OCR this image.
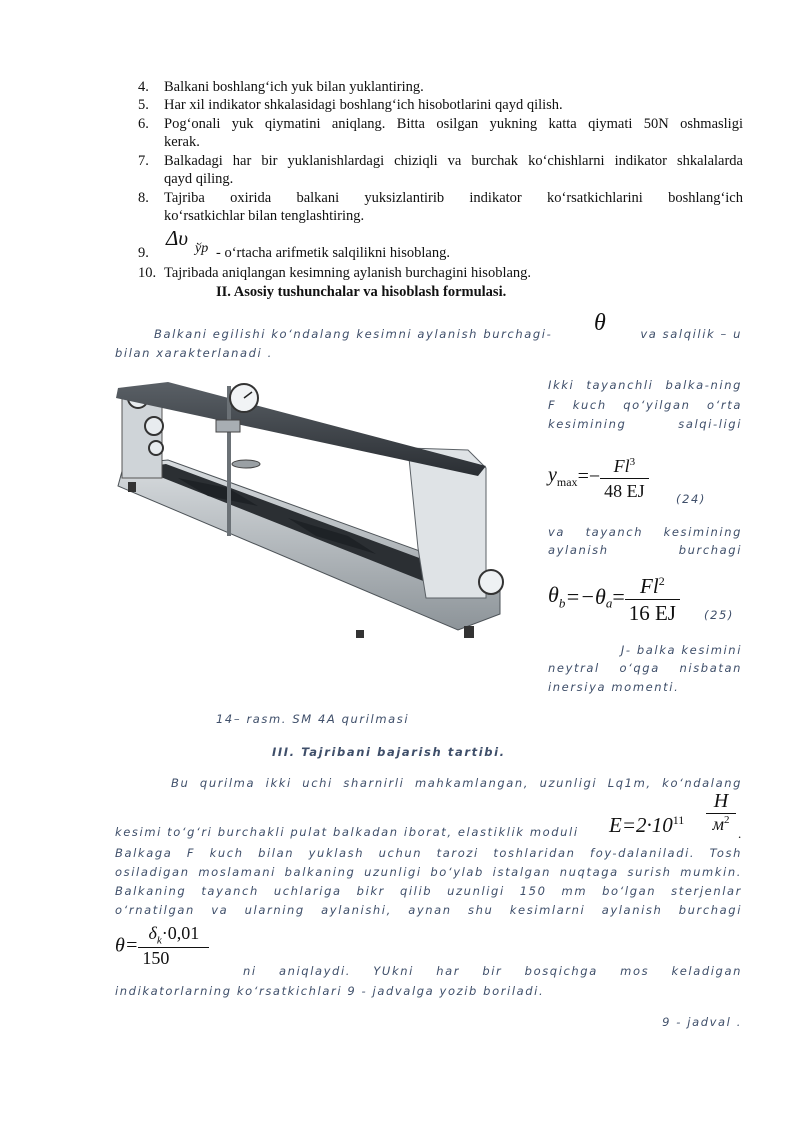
4.	Balkani boshlang‘ich yuk bilan yuklantiring.
5.	Har xil indikator shkalasidagi boshlang‘ich hisobotlarini qayd qilish.
6.	Pog‘onali yuk qiymatini aniqlang. Bitta osilgan yukning katta qiymati 50N oshmasligi
kerak.
7.	Balkadagi har bir yuklanishlardagi chiziqli va burchak ko‘chishlarni indikator shkalalarda
qayd qiling.
8.	Tajriba oxirida balkani yuksizlantirib indikator ko‘rsatkichlarini boshlang‘ich
ko‘rsatkichlar bilan tenglashtiring.
9.
Δυ ўр - o‘rtacha arifmetik salqilikni hisoblang.
10. Tajribada aniqlangan kesimning aylanish burchagini hisoblang.
II. Asosiy tushunchalar va hisoblash formulasi.
Balkani egilishi ko‘ndalang kesimni aylanish burchagi- θ	va salqilik – u
bilan xarakterlanadi .
Ikki tayanchli balka-ning
F kuch qo‘yilgan o‘rta
kesimining salqi-ligi
$y_{max}=- \frac{Fl^3}{48 EJ} (24)$
va tayanch kesimining
aylanish burchagi
$\theta_b=-\theta_a= \frac{Fl^2}{16 EJ} (25)$
J- balka kesimini
neytral o‘qga nisbatan
inersiya momenti.
14– rasm. SM 4A qurilmasi
III. Tajribani bajarish tartibi.
Bu qurilma ikki uchi sharnirli mahkamlangan, uzunligi Lq1m, ko‘ndalang
kesimi to‘g‘ri burchakli pulat balkadan iborat, elastiklik moduli $E=2\cdot 10^{11}$
Н
$м^2$
.
Balkaga F kuch bilan yuklash uchun tarozi toshlaridan foy-dalaniladi. Tosh
osiladigan moslamani balkaning uzunligi bo‘ylab istalgan nuqtaga surish mumkin.
Balkaning tayanch uchlariga bikr qilib uzunligi 150 mm bo‘lgan sterjenlar
o‘rnatilgan va ularning aylanishi, aynan shu kesimlarni aylanish burchagi
$\theta= \frac{\delta_k\cdot 0,01}{150}$
ni aniqlaydi. YUkni har bir bosqichga mos keladigan
indikatorlarning ko‘rsatkichlari 9 - jadvalga yozib boriladi.
9 - jadval .
